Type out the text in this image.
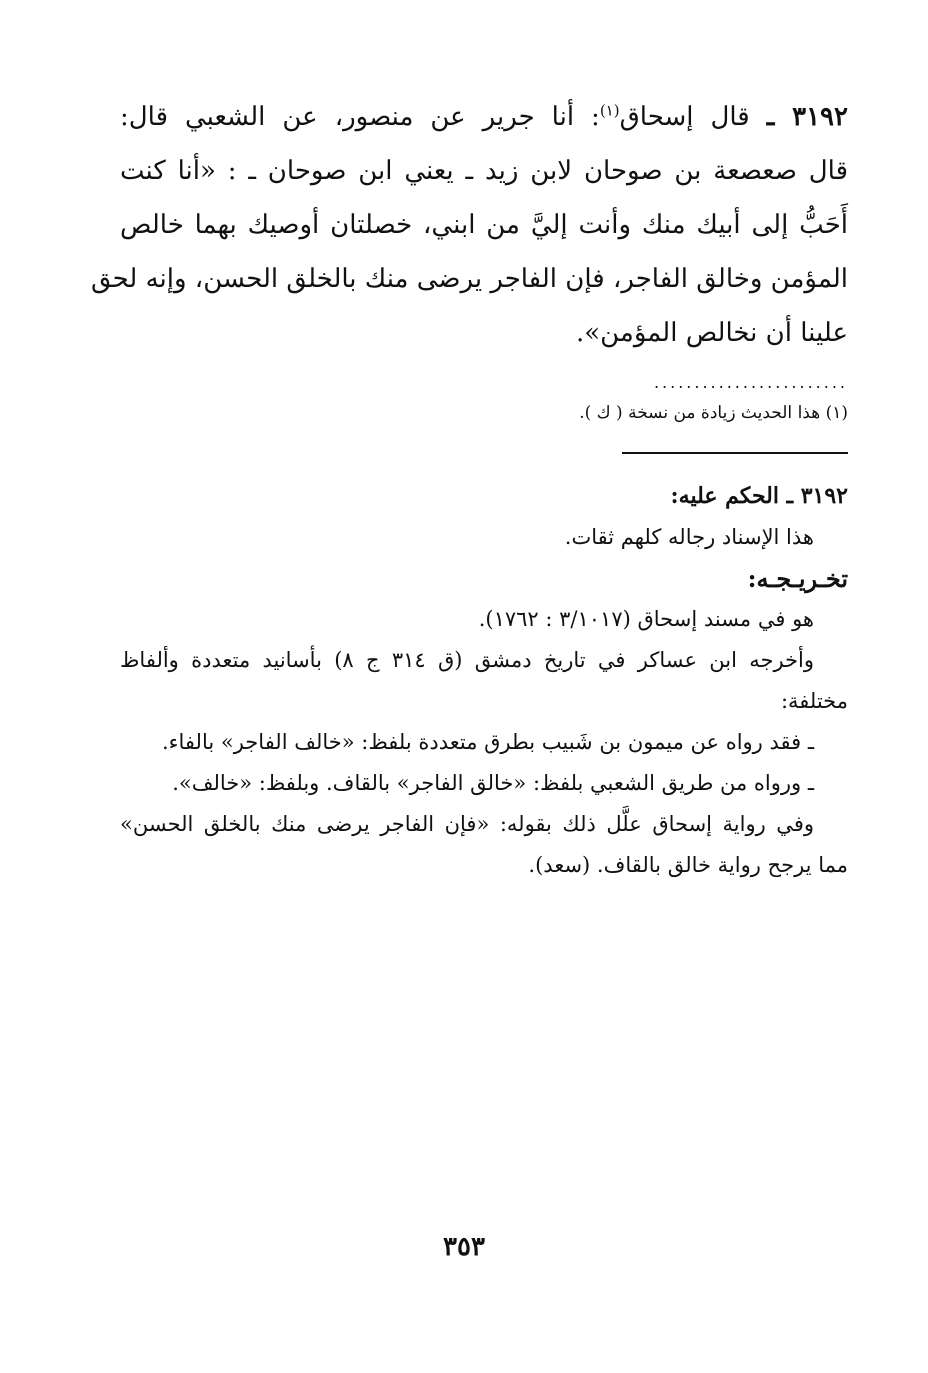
٣١٩٢ ـ قال إسحاق$^{(١)}$: أنا جرير عن منصور، عن الشعبي قال:
قال صعصعة بن صوحان لابن زيد ـ يعني ابن صوحان ـ : «أنا كنت
أَحَبُّ إلى أبيك منك وأنت إليَّ من ابني، خصلتان أوصيك بهما خالص
المؤمن وخالق الفاجر، فإن الفاجر يرضى منك بالخلق الحسن، وإنه لحق
علينا أن نخالص المؤمن».
........................
(١) هذا الحديث زيادة من نسخة ( ك ).
٣١٩٢ ـ الحكم عليه:
هذا الإسناد رجاله كلهم ثقات.
تخـريـجـه:
هو في مسند إسحاق (٣/١٠١٧ : ١٧٦٢).
وأخرجه ابن عساكر في تاريخ دمشق (ق ٣١٤ ج ٨) بأسانيد متعددة وألفاظ
مختلفة:
ـ فقد رواه عن ميمون بن شَبيب بطرق متعددة بلفظ: «خالف الفاجر» بالفاء.
ـ ورواه من طريق الشعبي بلفظ: «خالق الفاجر» بالقاف. وبلفظ: «خالف».
وفي رواية إسحاق علَّل ذلك بقوله: «فإن الفاجر يرضى منك بالخلق الحسن»
مما يرجح رواية خالق بالقاف. (سعد).
٣٥٣
